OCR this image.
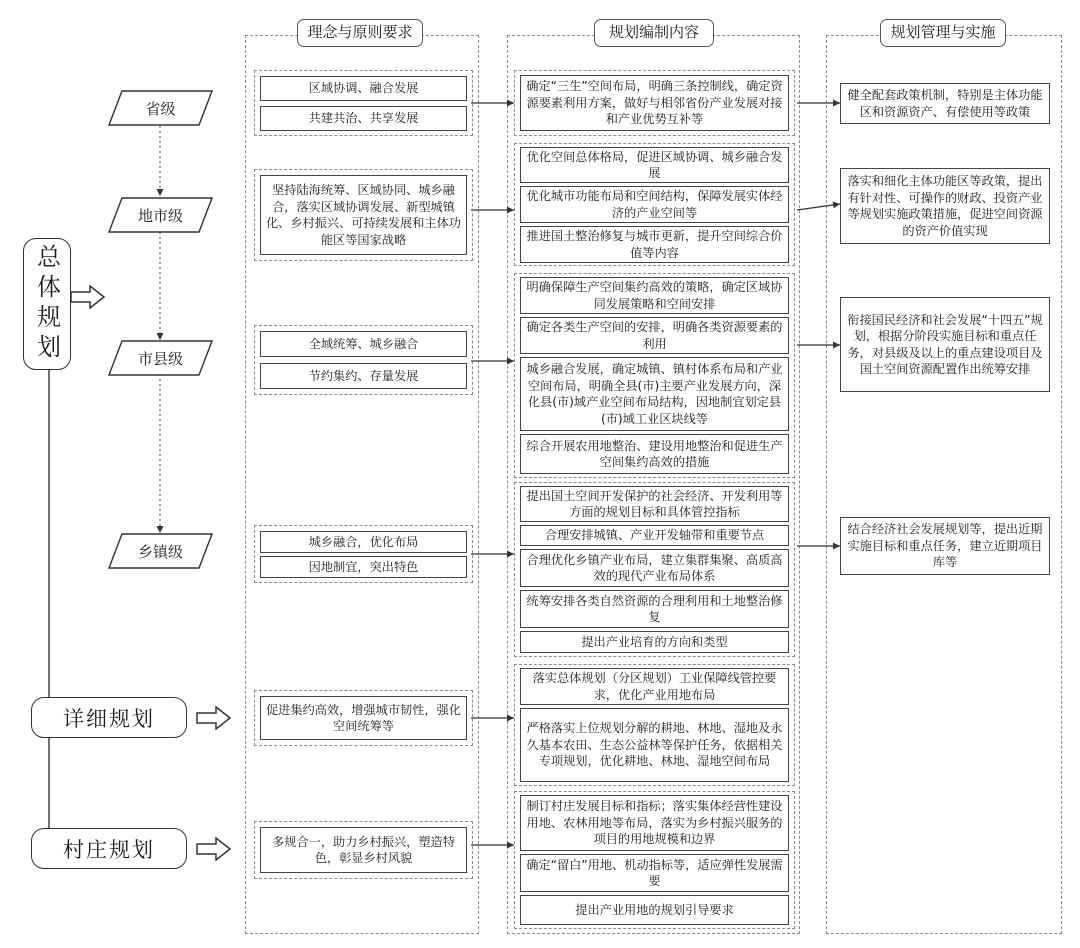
理念与原则要求	规划编制内容	规划管理与实施
总体规划
详细规划
村庄规划
省级
地市级
市县级
乡镇级
区域协调、融合发展
共建共治、共享发展
坚持陆海统筹、区域协同、城乡融合，落实区域协调发展、新型城镇化、乡村振兴、可持续发展和主体功能区等国家战略
全域统筹、城乡融合
节约集约、存量发展
城乡融合，优化布局
因地制宜，突出特色
促进集约高效，增强城市韧性，强化空间统筹等
多规合一，助力乡村振兴，塑造特色，彰显乡村风貌
确定“三生”空间布局，明确三条控制线，确定资源要素利用方案，做好与相邻省份产业发展对接和产业优势互补等
优化空间总体格局，促进区域协调、城乡融合发展
优化城市功能布局和空间结构，保障发展实体经济的产业空间等
推进国土整治修复与城市更新，提升空间综合价值等内容
明确保障生产空间集约高效的策略，确定区域协同发展策略和空间安排
确定各类生产空间的安排，明确各类资源要素的利用
城乡融合发展，确定城镇、镇村体系布局和产业空间布局，明确全县(市)主要产业发展方向，深化县(市)域产业空间布局结构，因地制宜划定县(市)域工业区块线等
综合开展农用地整治、建设用地整治和促进生产空间集约高效的措施
提出国土空间开发保护的社会经济、开发利用等方面的规划目标和具体管控指标
合理安排城镇、产业开发轴带和重要节点
合理优化乡镇产业布局，建立集群集聚、高质高效的现代产业布局体系
统筹安排各类自然资源的合理利用和土地整治修复
提出产业培育的方向和类型
落实总体规划（分区规划）工业保障线管控要求，优化产业用地布局
严格落实上位规划分解的耕地、林地、湿地及永久基本农田、生态公益林等保护任务，依据相关专项规划，优化耕地、林地、湿地空间布局
制订村庄发展目标和指标；落实集体经营性建设用地、农林用地等布局，落实为乡村振兴服务的项目的用地规模和边界
确定“留白”用地、机动指标等，适应弹性发展需要
提出产业用地的规划引导要求
健全配套政策机制，特别是主体功能区和资源资产、有偿使用等政策
落实和细化主体功能区等政策，提出有针对性、可操作的财政、投资产业等规划实施政策措施，促进空间资源的资产价值实现
衔接国民经济和社会发展“十四五”规划，根据分阶段实施目标和重点任务，对县级及以上的重点建设项目及国土空间资源配置作出统筹安排
结合经济社会发展规划等，提出近期实施目标和重点任务，建立近期项目库等
